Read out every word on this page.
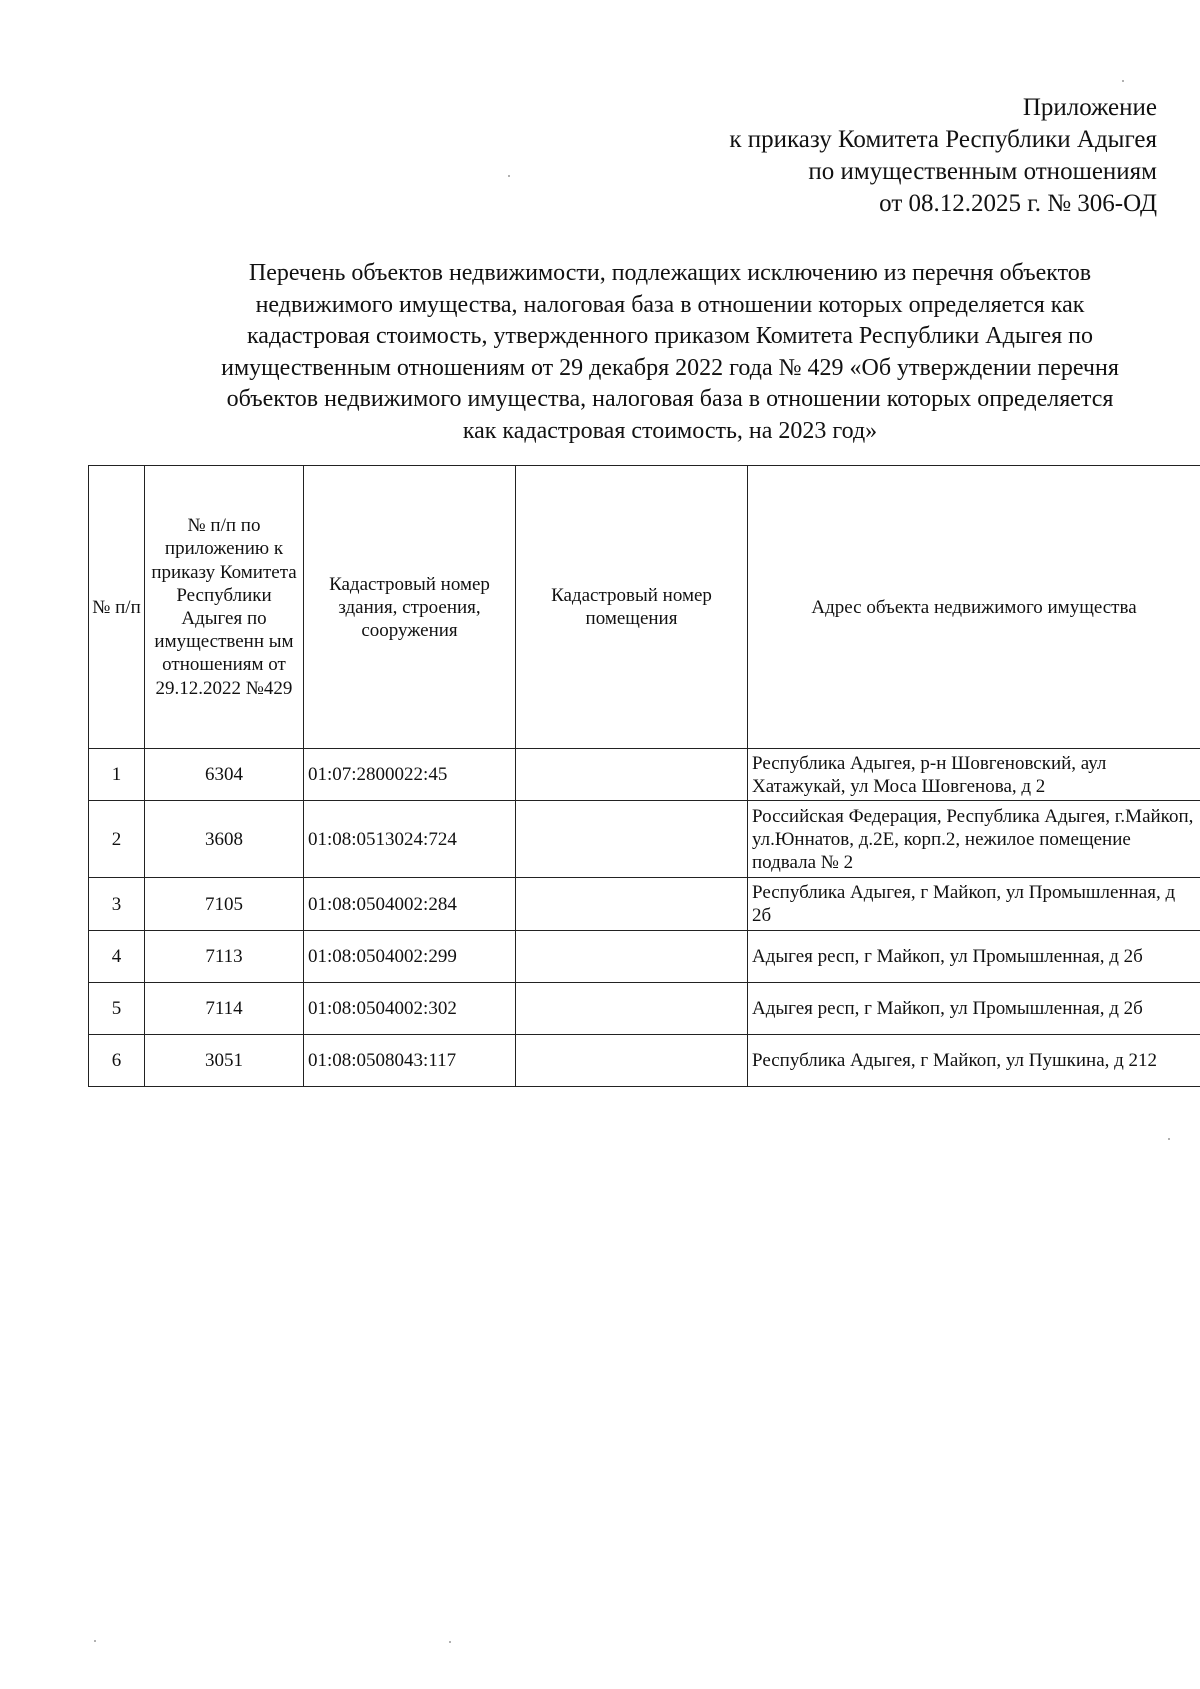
Приложение
к приказу Комитета Республики Адыгея
по имущественным отношениям
от 08.12.2025 г. № 306-ОД
Перечень объектов недвижимости, подлежащих исключению из перечня объектов
недвижимого имущества, налоговая база в отношении которых определяется как
кадастровая стоимость, утвержденного приказом Комитета Республики Адыгея по
имущественным отношениям от 29 декабря 2022 года № 429 «Об утверждении перечня
объектов недвижимого имущества, налоговая база в отношении которых определяется
как кадастровая стоимость, на 2023 год»
№ п/п	№ п/п по приложению к приказу Комитета Республики Адыгея по имущественн ым отношениям от 29.12.2022 №429	Кадастровый номер здания, строения, сооружения	Кадастровый номер помещения	Адрес объекта недвижимого имущества
1	6304	01:07:2800022:45		Республика Адыгея, р-н Шовгеновский, аул Хатажукай, ул Моса Шовгенова, д 2
2	3608	01:08:0513024:724		Российская Федерация, Республика Адыгея, г.Майкоп, ул.Юннатов, д.2Е, корп.2, нежилое помещение подвала № 2
3	7105	01:08:0504002:284		Республика Адыгея, г Майкоп, ул Промышленная, д 2б
4	7113	01:08:0504002:299		Адыгея респ, г Майкоп, ул Промышленная, д 2б
5	7114	01:08:0504002:302		Адыгея респ, г Майкоп, ул Промышленная, д 2б
6	3051	01:08:0508043:117		Республика Адыгея, г Майкоп, ул Пушкина, д 212
